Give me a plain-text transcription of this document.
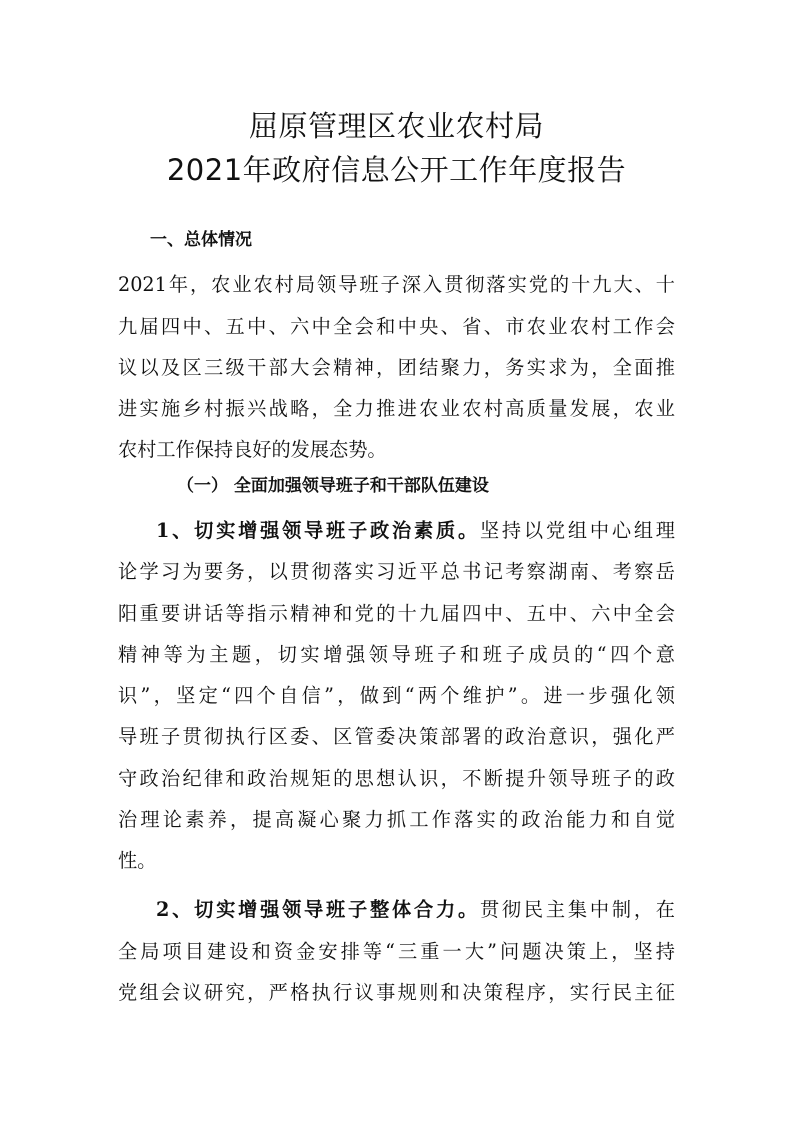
屈原管理区农业农村局
2021年政府信息公开工作年度报告
一、总体情况
2021年，农业农村局领导班子深入贯彻落实党的十九大、十
九届四中、五中、六中全会和中央、省、市农业农村工作会
议以及区三级干部大会精神，团结聚力，务实求为，全面推
进实施乡村振兴战略，全力推进农业农村高质量发展，农业
农村工作保持良好的发展态势。
（一） 全面加强领导班子和干部队伍建设
1、切实增强领导班子政治素质。坚持以党组中心组理
论学习为要务，以贯彻落实习近平总书记考察湖南、考察岳
阳重要讲话等指示精神和党的十九届四中、五中、六中全会
精神等为主题，切实增强领导班子和班子成员的“四个意
识”，坚定“四个自信”，做到“两个维护”。进一步强化领
导班子贯彻执行区委、区管委决策部署的政治意识，强化严
守政治纪律和政治规矩的思想认识，不断提升领导班子的政
治理论素养，提高凝心聚力抓工作落实的政治能力和自觉
性。
2、切实增强领导班子整体合力。贯彻民主集中制，在
全局项目建设和资金安排等“三重一大”问题决策上，坚持
党组会议研究，严格执行议事规则和决策程序，实行民主征
